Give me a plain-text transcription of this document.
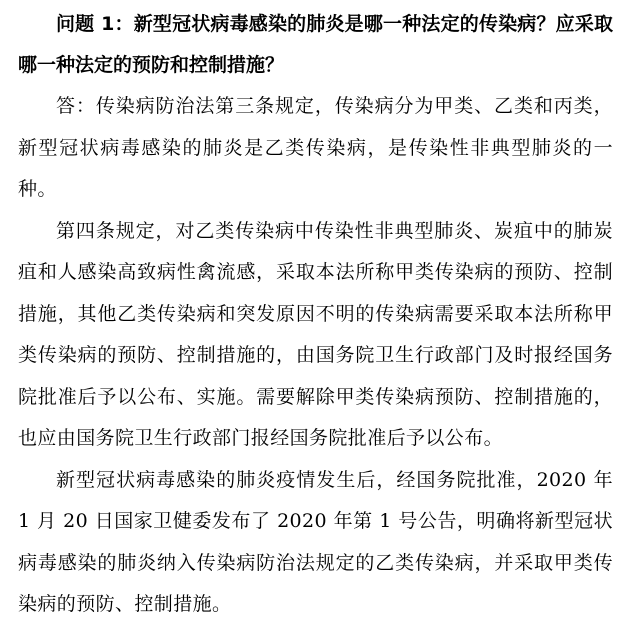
问题 1：新型冠状病毒感染的肺炎是哪一种法定的传染病？应采取哪一种法定的预防和控制措施？

答：传染病防治法第三条规定，传染病分为甲类、乙类和丙类，新型冠状病毒感染的肺炎是乙类传染病，是传染性非典型肺炎的一种。

第四条规定，对乙类传染病中传染性非典型肺炎、炭疽中的肺炭疽和人感染高致病性禽流感，采取本法所称甲类传染病的预防、控制措施，其他乙类传染病和突发原因不明的传染病需要采取本法所称甲类传染病的预防、控制措施的，由国务院卫生行政部门及时报经国务院批准后予以公布、实施。需要解除甲类传染病预防、控制措施的，也应由国务院卫生行政部门报经国务院批准后予以公布。

新型冠状病毒感染的肺炎疫情发生后，经国务院批准，2020 年 1 月 20 日国家卫健委发布了 2020 年第 1 号公告，明确将新型冠状病毒感染的肺炎纳入传染病防治法规定的乙类传染病，并采取甲类传染病的预防、控制措施。
